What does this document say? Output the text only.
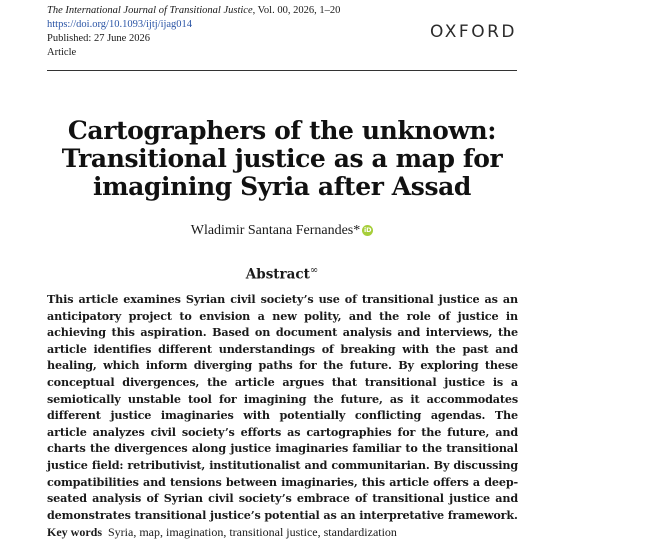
The International Journal of Transitional Justice, Vol. 00, 2026, 1–20
https://doi.org/10.1093/ijtj/ijag014
Published: 27 June 2026
Article
OXFORD
Cartographers of the unknown:
Transitional justice as a map for
imagining Syria after Assad
Wladimir Santana Fernandes* iD
Abstract∞
This article examines Syrian civil society’s use of transitional justice as an anticipatory project to envision a new polity, and the role of justice in achieving this aspiration. Based on document analysis and interviews, the article identifies different understandings of breaking with the past and healing, which inform diverging paths for the future. By exploring these conceptual divergences, the article argues that transitional justice is a semiotically unstable tool for imagining the future, as it accommodates different justice imaginaries with potentially conflicting agendas. The article analyzes civil society’s efforts as cartographies for the future, and charts the divergences along justice imaginaries familiar to the transitional justice field: retributivist, institutionalist and communitarian. By discussing compatibilities and tensions between imaginaries, this article offers a deep-seated analysis of Syrian civil society’s embrace of transitional justice and demonstrates transitional justice’s potential as an interpretative framework.
Key words Syria, map, imagination, transitional justice, standardization
